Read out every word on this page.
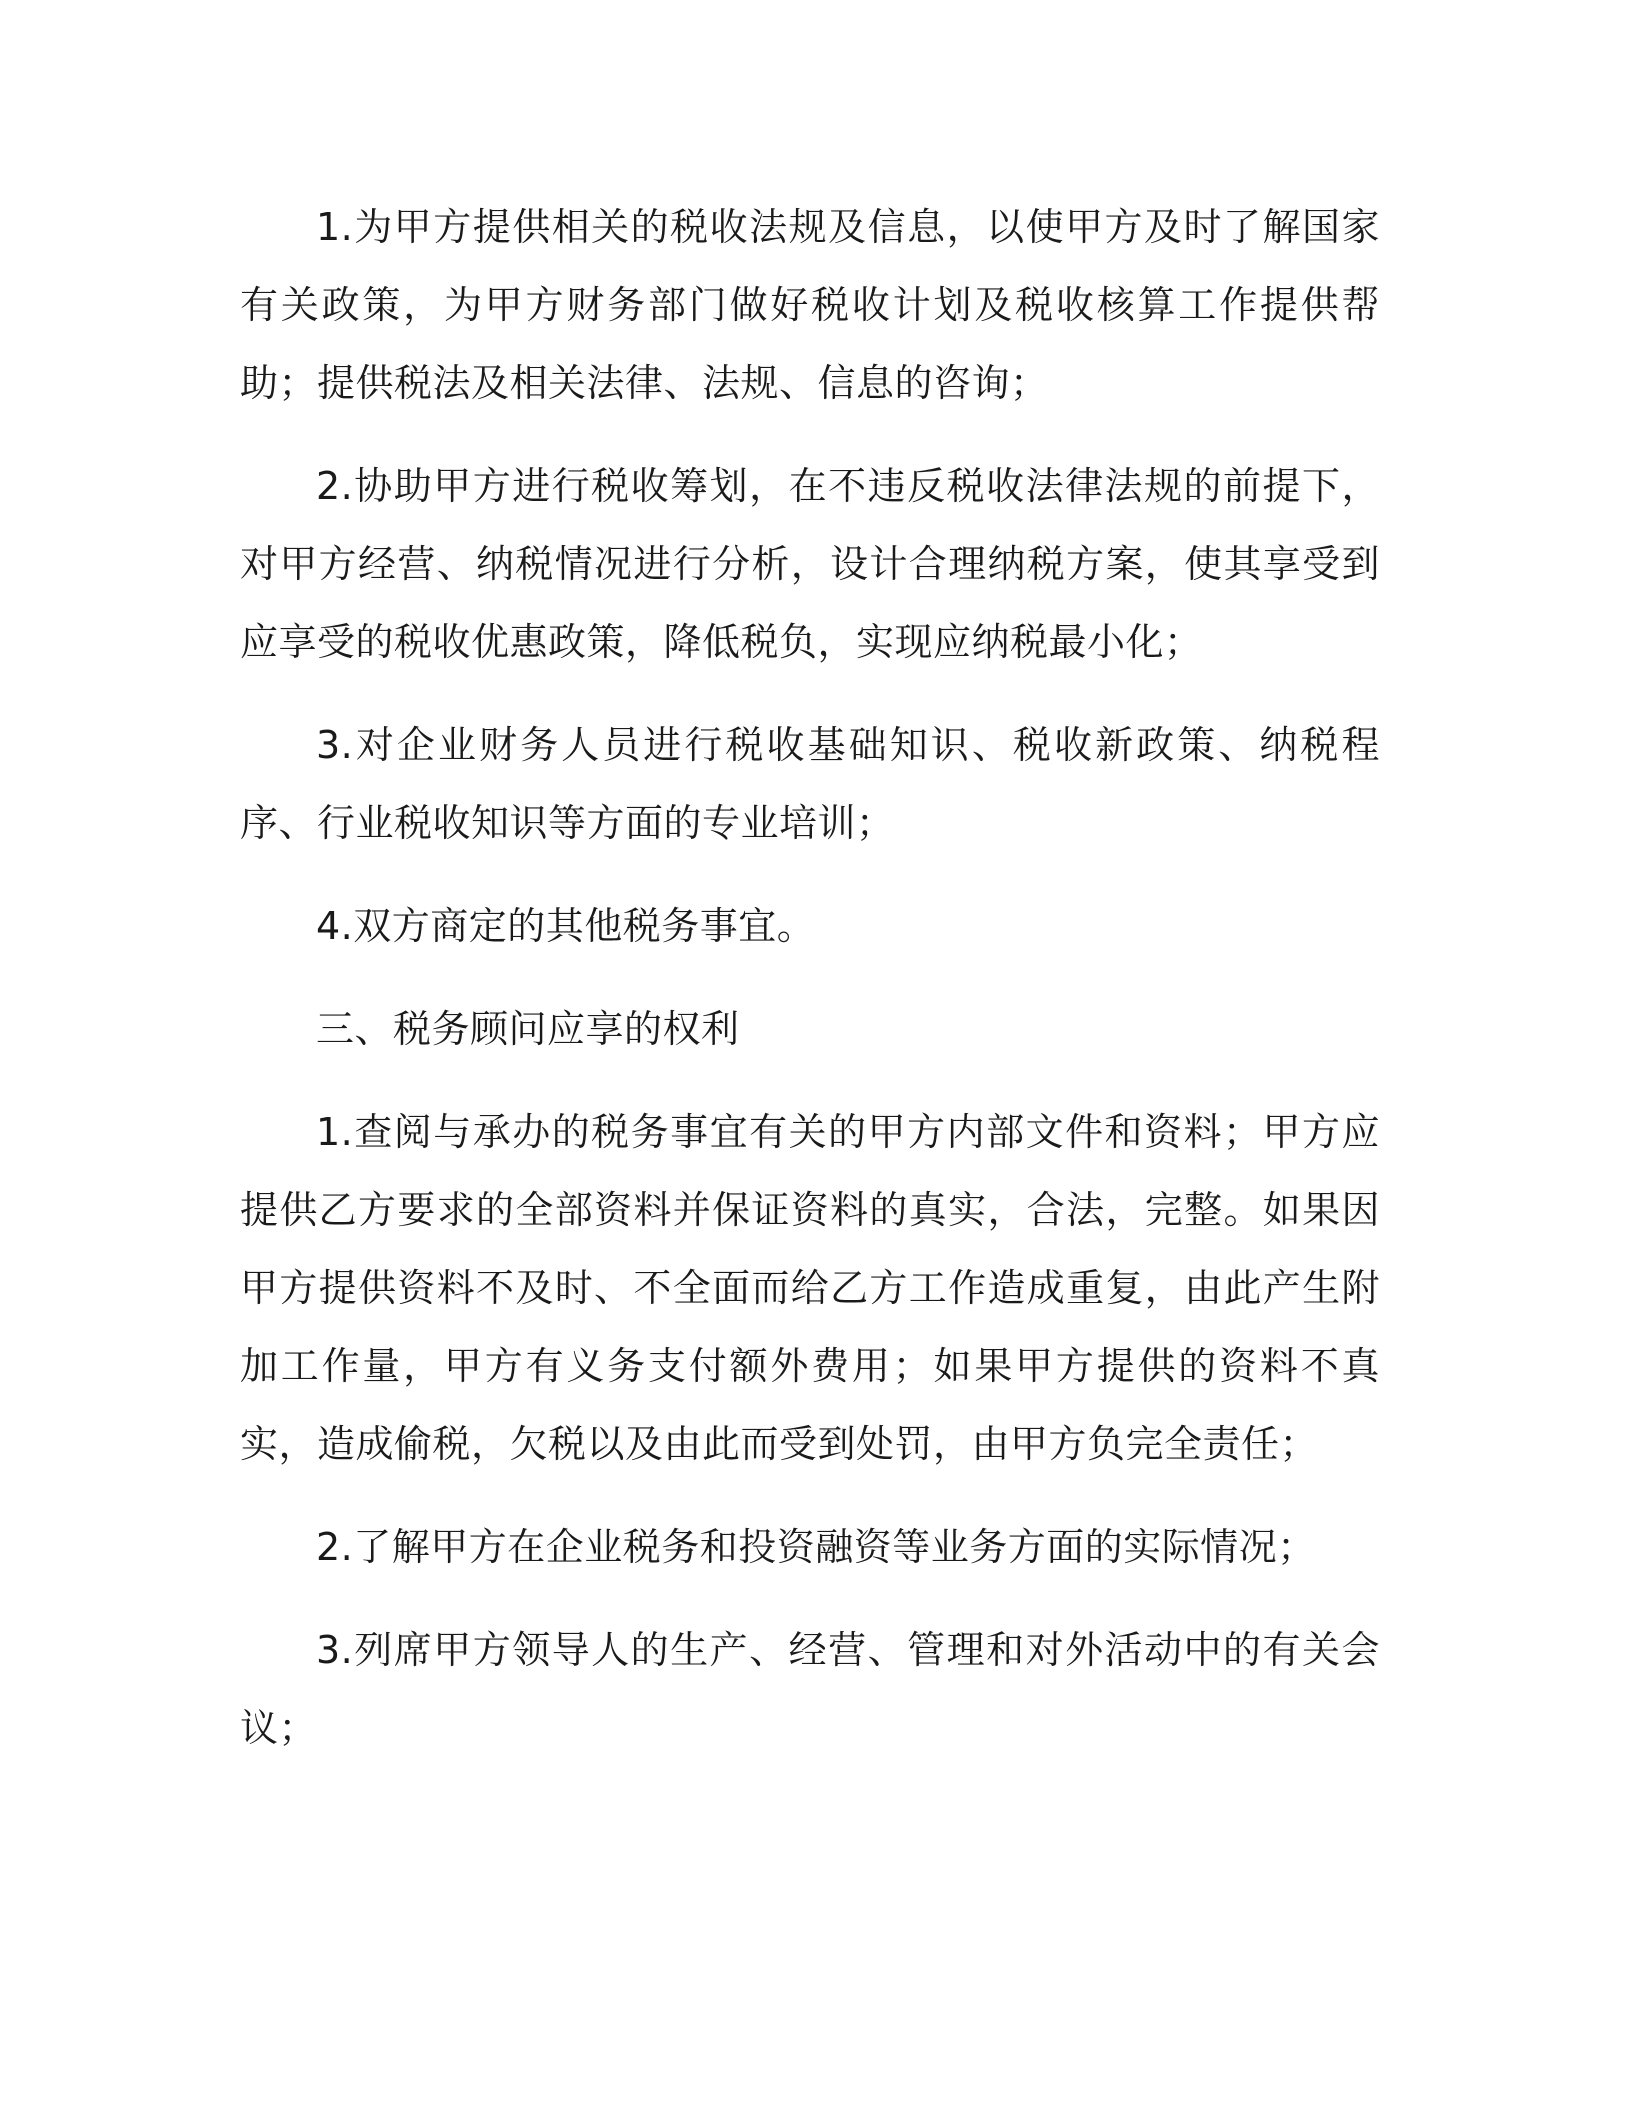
1.为甲方提供相关的税收法规及信息，以使甲方及时了解国家有关政策，为甲方财务部门做好税收计划及税收核算工作提供帮助；提供税法及相关法律、法规、信息的咨询；

2.协助甲方进行税收筹划，在不违反税收法律法规的前提下，对甲方经营、纳税情况进行分析，设计合理纳税方案，使其享受到应享受的税收优惠政策，降低税负，实现应纳税最小化；

3.对企业财务人员进行税收基础知识、税收新政策、纳税程序、行业税收知识等方面的专业培训；

4.双方商定的其他税务事宜。

三、税务顾问应享的权利

1.查阅与承办的税务事宜有关的甲方内部文件和资料；甲方应提供乙方要求的全部资料并保证资料的真实，合法，完整。如果因甲方提供资料不及时、不全面而给乙方工作造成重复，由此产生附加工作量，甲方有义务支付额外费用；如果甲方提供的资料不真实，造成偷税，欠税以及由此而受到处罚，由甲方负完全责任；

2.了解甲方在企业税务和投资融资等业务方面的实际情况；

3.列席甲方领导人的生产、经营、管理和对外活动中的有关会议；
